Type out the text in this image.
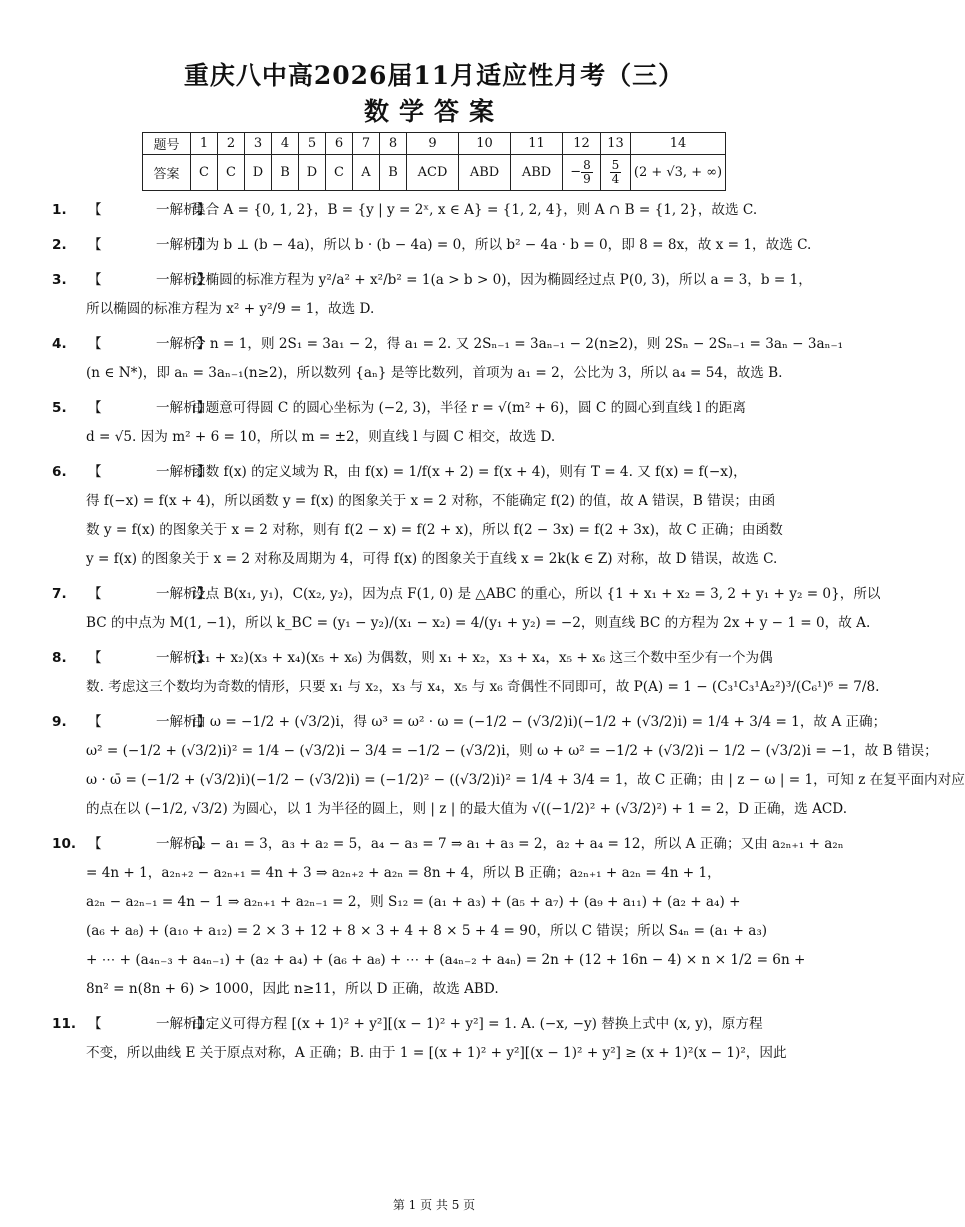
重庆八中高2026届11月适应性月考（三）
数学答案
题号	1	2	3	4	5	6	7	8	9	10	11	12	13	14
答案	C	C	D	B	D	C	A	B	ACD	ABD	ABD	− $\frac{8}{9}$	$\frac{5}{4}$	(2 + √3, + ∞)
1. 【　　　　一解析】集合 A = {0, 1, 2}，B = {y | y = 2ˣ, x ∈ A} = {1, 2, 4}，则 A ∩ B = {1, 2}，故选 C.
2. 【　　　　一解析】因为 b ⊥ (b − 4a)，所以 b · (b − 4a) = 0，所以 b² − 4a · b = 0，即 8 = 8x，故 x = 1，故选 C.
3. 【　　　　一解析】设椭圆的标准方程为 y²/a² + x²/b² = 1(a > b > 0)，因为椭圆经过点 P(0, 3)，所以 a = 3，b = 1，
所以椭圆的标准方程为 x² + y²/9 = 1，故选 D.
4. 【　　　　一解析】令 n = 1，则 2S₁ = 3a₁ − 2，得 a₁ = 2. 又 2Sₙ₋₁ = 3aₙ₋₁ − 2(n≥2)，则 2Sₙ − 2Sₙ₋₁ = 3aₙ − 3aₙ₋₁
(n ∈ N*)，即 aₙ = 3aₙ₋₁(n≥2)，所以数列 {aₙ} 是等比数列，首项为 a₁ = 2，公比为 3，所以 a₄ = 54，故选 B.
5. 【　　　　一解析】由题意可得圆 C 的圆心坐标为 (−2, 3)，半径 r = √(m² + 6)，圆 C 的圆心到直线 l 的距离
d = √5. 因为 m² + 6 = 10，所以 m = ±2，则直线 l 与圆 C 相交，故选 D.
6. 【　　　　一解析】函数 f(x) 的定义域为 R，由 f(x) = 1/f(x + 2) = f(x + 4)，则有 T = 4. 又 f(x) = f(−x)，
得 f(−x) = f(x + 4)，所以函数 y = f(x) 的图象关于 x = 2 对称，不能确定 f(2) 的值，故 A 错误，B 错误；由函
数 y = f(x) 的图象关于 x = 2 对称，则有 f(2 − x) = f(2 + x)，所以 f(2 − 3x) = f(2 + 3x)，故 C 正确；由函数
y = f(x) 的图象关于 x = 2 对称及周期为 4，可得 f(x) 的图象关于直线 x = 2k(k ∈ Z) 对称，故 D 错误，故选 C.
7. 【　　　　一解析】设点 B(x₁, y₁)，C(x₂, y₂)，因为点 F(1, 0) 是 △ABC 的重心，所以 {1 + x₁ + x₂ = 3, 2 + y₁ + y₂ = 0}，所以
BC 的中点为 M(1, −1)，所以 k_BC = (y₁ − y₂)/(x₁ − x₂) = 4/(y₁ + y₂) = −2，则直线 BC 的方程为 2x + y − 1 = 0，故 A.
8. 【　　　　一解析】(x₁ + x₂)(x₃ + x₄)(x₅ + x₆) 为偶数，则 x₁ + x₂，x₃ + x₄，x₅ + x₆ 这三个数中至少有一个为偶
数. 考虑这三个数均为奇数的情形，只要 x₁ 与 x₂，x₃ 与 x₄，x₅ 与 x₆ 奇偶性不同即可，故 P(A) = 1 − (C₃¹C₃¹A₂²)³/(C₆¹)⁶ = 7/8.
9. 【　　　　一解析】由 ω = −1/2 + (√3/2)i，得 ω³ = ω² · ω = (−1/2 − (√3/2)i)(−1/2 + (√3/2)i) = 1/4 + 3/4 = 1，故 A 正确；
ω² = (−1/2 + (√3/2)i)² = 1/4 − (√3/2)i − 3/4 = −1/2 − (√3/2)i，则 ω + ω² = −1/2 + (√3/2)i − 1/2 − (√3/2)i = −1，故 B 错误；
ω · ω̄ = (−1/2 + (√3/2)i)(−1/2 − (√3/2)i) = (−1/2)² − ((√3/2)i)² = 1/4 + 3/4 = 1，故 C 正确；由 | z − ω | = 1，可知 z 在复平面内对应
的点在以 (−1/2, √3/2) 为圆心，以 1 为半径的圆上，则 | z | 的最大值为 √((−1/2)² + (√3/2)²) + 1 = 2，D 正确，选 ACD.
10. 【　　　　一解析】a₂ − a₁ = 3，a₃ + a₂ = 5，a₄ − a₃ = 7 ⇒ a₁ + a₃ = 2，a₂ + a₄ = 12，所以 A 正确；又由 a₂ₙ₊₁ + a₂ₙ
= 4n + 1，a₂ₙ₊₂ − a₂ₙ₊₁ = 4n + 3 ⇒ a₂ₙ₊₂ + a₂ₙ = 8n + 4，所以 B 正确；a₂ₙ₊₁ + a₂ₙ = 4n + 1，
a₂ₙ − a₂ₙ₋₁ = 4n − 1 ⇒ a₂ₙ₊₁ + a₂ₙ₋₁ = 2，则 S₁₂ = (a₁ + a₃) + (a₅ + a₇) + (a₉ + a₁₁) + (a₂ + a₄) +
(a₆ + a₈) + (a₁₀ + a₁₂) = 2 × 3 + 12 + 8 × 3 + 4 + 8 × 5 + 4 = 90，所以 C 错误；所以 S₄ₙ = (a₁ + a₃)
+ ⋯ + (a₄ₙ₋₃ + a₄ₙ₋₁) + (a₂ + a₄) + (a₆ + a₈) + ⋯ + (a₄ₙ₋₂ + a₄ₙ) = 2n + (12 + 16n − 4) × n × 1/2 = 6n +
8n² = n(8n + 6) > 1000，因此 n≥11，所以 D 正确，故选 ABD.
11. 【　　　　一解析】由定义可得方程 [(x + 1)² + y²][(x − 1)² + y²] = 1. A. (−x, −y) 替换上式中 (x, y)，原方程
不变，所以曲线 E 关于原点对称，A 正确；B. 由于 1 = [(x + 1)² + y²][(x − 1)² + y²] ≥ (x + 1)²(x − 1)²，因此
第 1 页 共 5 页
